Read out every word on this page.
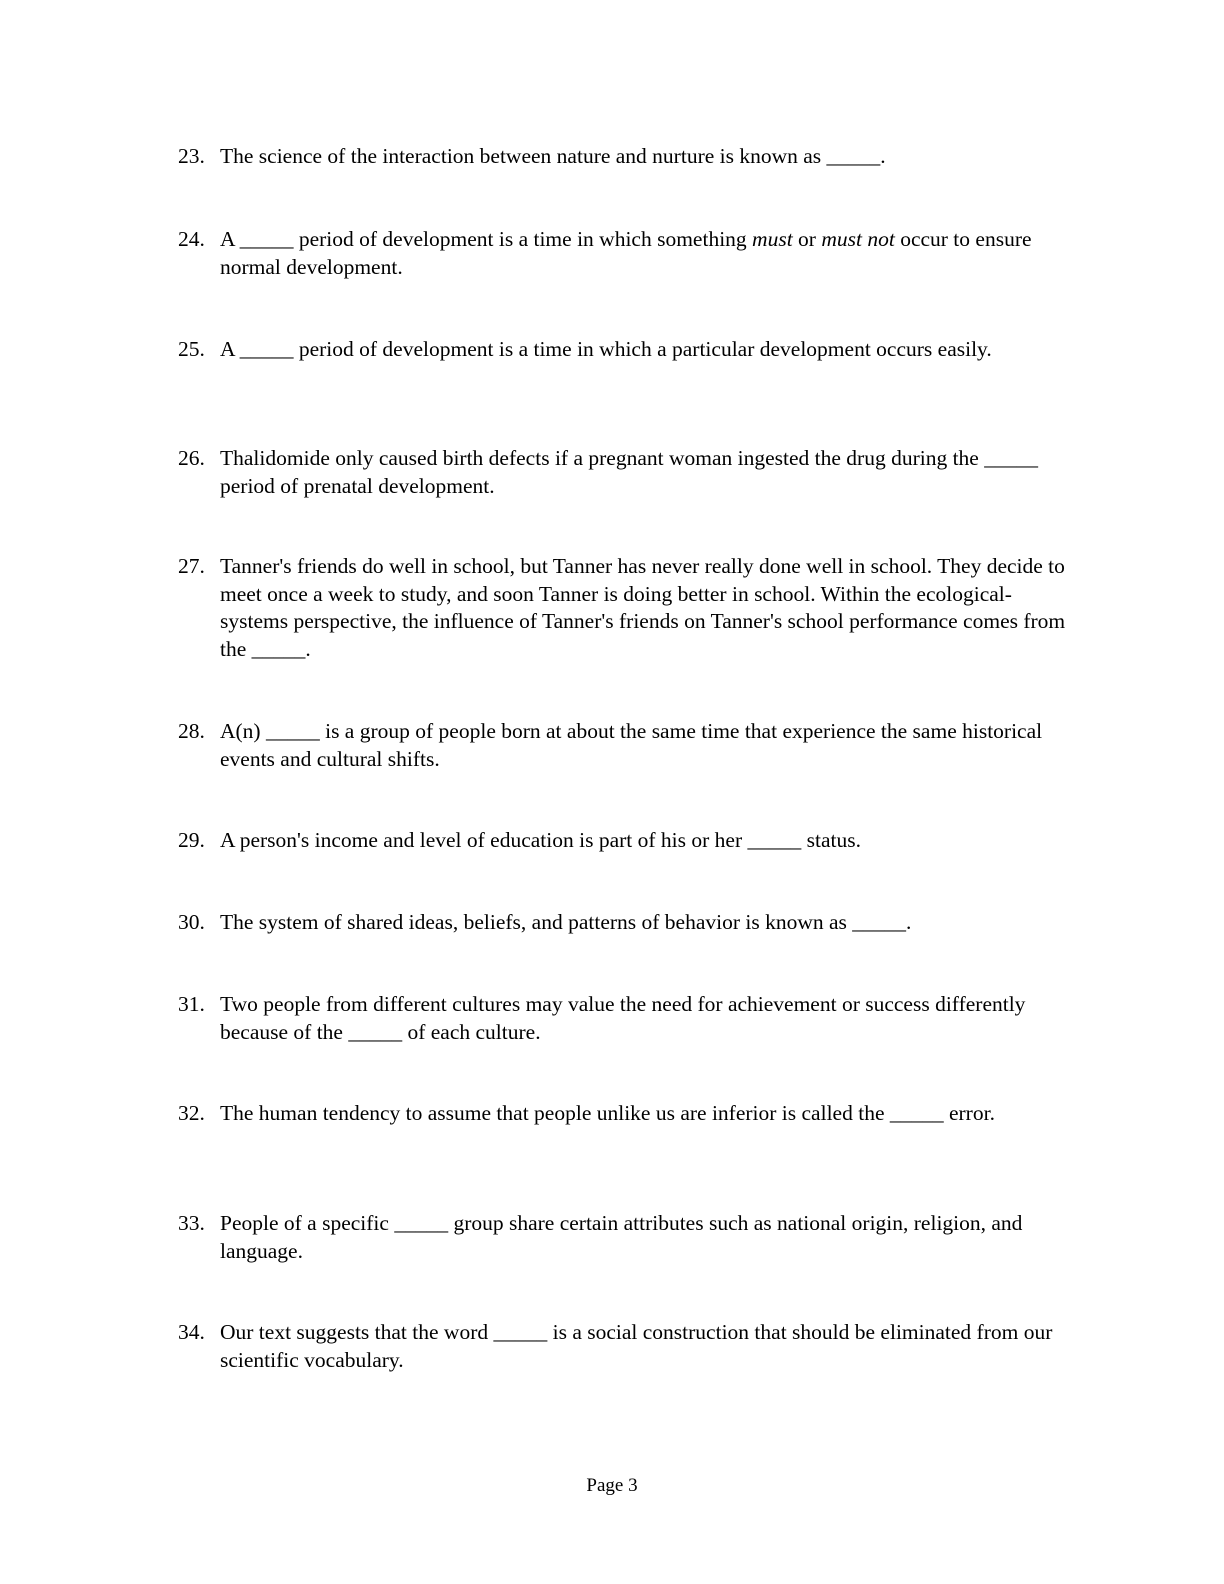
23. The science of the interaction between nature and nurture is known as _____.
24. A _____ period of development is a time in which something must or must not occur to ensure normal development.
25. A _____ period of development is a time in which a particular development occurs easily.
26. Thalidomide only caused birth defects if a pregnant woman ingested the drug during the _____ period of prenatal development.
27. Tanner's friends do well in school, but Tanner has never really done well in school. They decide to meet once a week to study, and soon Tanner is doing better in school. Within the ecological-systems perspective, the influence of Tanner's friends on Tanner's school performance comes from the _____.
28. A(n) _____ is a group of people born at about the same time that experience the same historical events and cultural shifts.
29. A person's income and level of education is part of his or her _____ status.
30. The system of shared ideas, beliefs, and patterns of behavior is known as _____.
31. Two people from different cultures may value the need for achievement or success differently because of the _____ of each culture.
32. The human tendency to assume that people unlike us are inferior is called the _____ error.
33. People of a specific _____ group share certain attributes such as national origin, religion, and language.
34. Our text suggests that the word _____ is a social construction that should be eliminated from our scientific vocabulary.
Page 3
